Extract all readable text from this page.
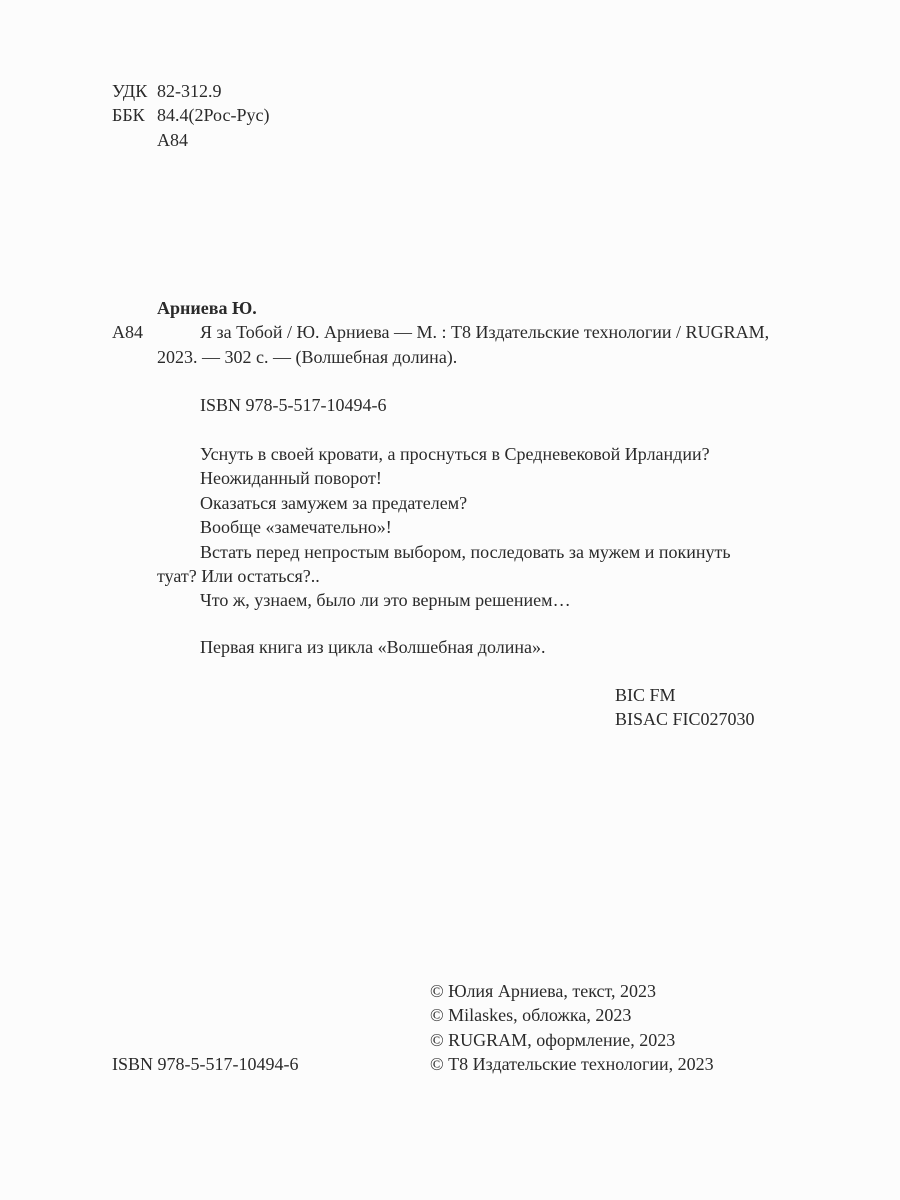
УДК 82-312.9
ББК 84.4(2Рос-Рус)
А84

Арниева Ю.

А84	Я за Тобой / Ю. Арниева — М. : Т8 Издательские технологии / RUGRAM, 2023. — 302 с. — (Волшебная долина).

ISBN 978-5-517-10494-6

Уснуть в своей кровати, а проснуться в Средневековой Ирландии?

Неожиданный поворот!

Оказаться замужем за предателем?

Вообще «замечательно»!

Встать перед непростым выбором, последовать за мужем и покинуть туат? Или остаться?..

Что ж, узнаем, было ли это верным решением…

Первая книга из цикла «Волшебная долина».

BIC FM

BISAC FIC027030

© Юлия Арниева, текст, 2023

© Milaskes, обложка, 2023

© RUGRAM, оформление, 2023

© Т8 Издательские технологии, 2023

ISBN 978-5-517-10494-6
